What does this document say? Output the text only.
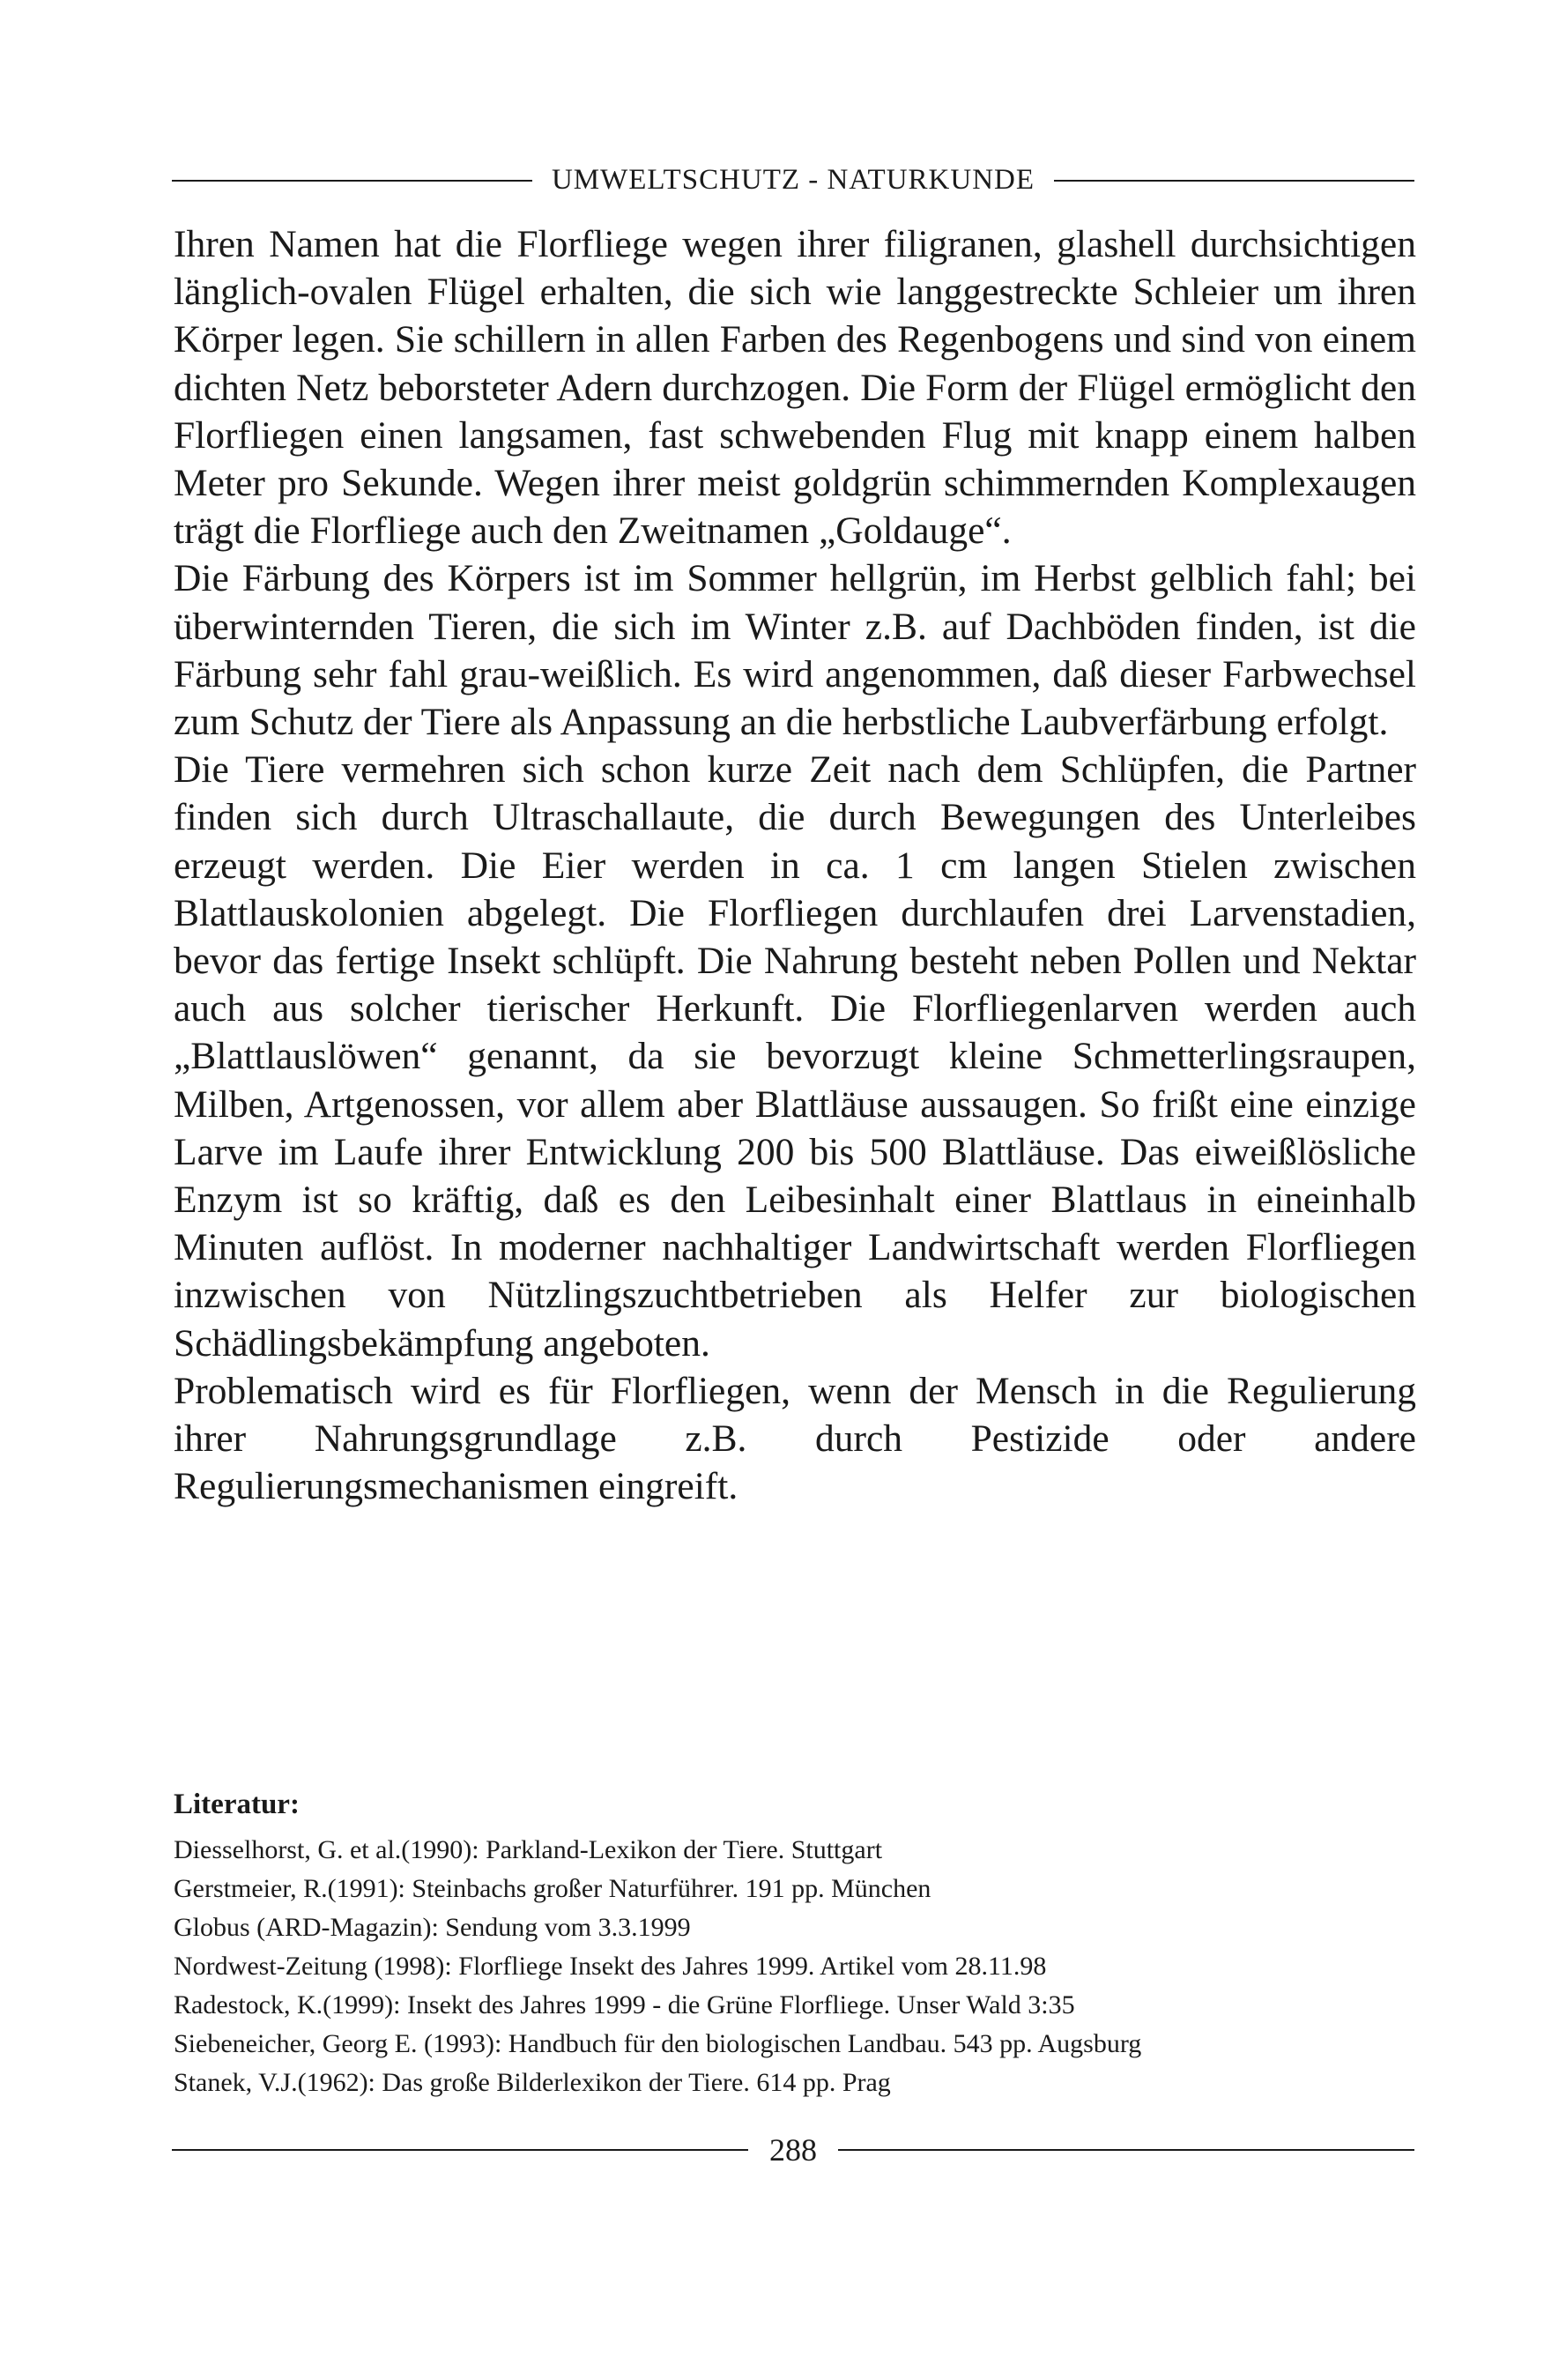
UMWELTSCHUTZ - NATURKUNDE

Ihren Namen hat die Florfliege wegen ihrer filigranen, glashell durchsichtigen länglich-ovalen Flügel erhalten, die sich wie langgestreckte Schleier um ihren Körper legen. Sie schillern in allen Farben des Regenbogens und sind von einem dichten Netz beborsteter Adern durchzogen. Die Form der Flügel ermöglicht den Florfliegen einen langsamen, fast schwebenden Flug mit knapp einem halben Meter pro Sekunde. Wegen ihrer meist goldgrün schimmernden Komplexaugen trägt die Florfliege auch den Zweitnamen „Goldauge“.

Die Färbung des Körpers ist im Sommer hellgrün, im Herbst gelblich fahl; bei überwinternden Tieren, die sich im Winter z.B. auf Dachböden finden, ist die Färbung sehr fahl grau-weißlich. Es wird angenommen, daß dieser Farbwechsel zum Schutz der Tiere als Anpassung an die herbstliche Laubverfärbung erfolgt.

Die Tiere vermehren sich schon kurze Zeit nach dem Schlüpfen, die Partner finden sich durch Ultraschallaute, die durch Bewegungen des Unterleibes erzeugt werden. Die Eier werden in ca. 1 cm langen Stielen zwischen Blattlauskolonien abgelegt. Die Florfliegen durchlaufen drei Larvenstadien, bevor das fertige Insekt schlüpft. Die Nahrung besteht neben Pollen und Nektar auch aus solcher tierischer Herkunft. Die Florfliegenlarven werden auch „Blattlauslöwen“ genannt, da sie bevorzugt kleine Schmetterlingsraupen, Milben, Artgenossen, vor allem aber Blattläuse aussaugen. So frißt eine einzige Larve im Laufe ihrer Entwicklung 200 bis 500 Blattläuse. Das eiweißlösliche Enzym ist so kräftig, daß es den Leibesinhalt einer Blattlaus in eineinhalb Minuten auflöst. In moderner nachhaltiger Landwirtschaft werden Florfliegen inzwischen von Nützlingszuchtbetrieben als Helfer zur biologischen Schädlingsbekämpfung angeboten.

Problematisch wird es für Florfliegen, wenn der Mensch in die Regulierung ihrer Nahrungsgrundlage z.B. durch Pestizide oder andere Regulierungsmechanismen eingreift.

Literatur:
Diesselhorst, G. et al.(1990): Parkland-Lexikon der Tiere. Stuttgart
Gerstmeier, R.(1991): Steinbachs großer Naturführer. 191 pp. München
Globus (ARD-Magazin): Sendung vom 3.3.1999
Nordwest-Zeitung (1998): Florfliege Insekt des Jahres 1999. Artikel vom 28.11.98
Radestock, K.(1999): Insekt des Jahres 1999 - die Grüne Florfliege. Unser Wald 3:35
Siebeneicher, Georg E. (1993): Handbuch für den biologischen Landbau. 543 pp. Augsburg
Stanek, V.J.(1962): Das große Bilderlexikon der Tiere. 614 pp. Prag
288
